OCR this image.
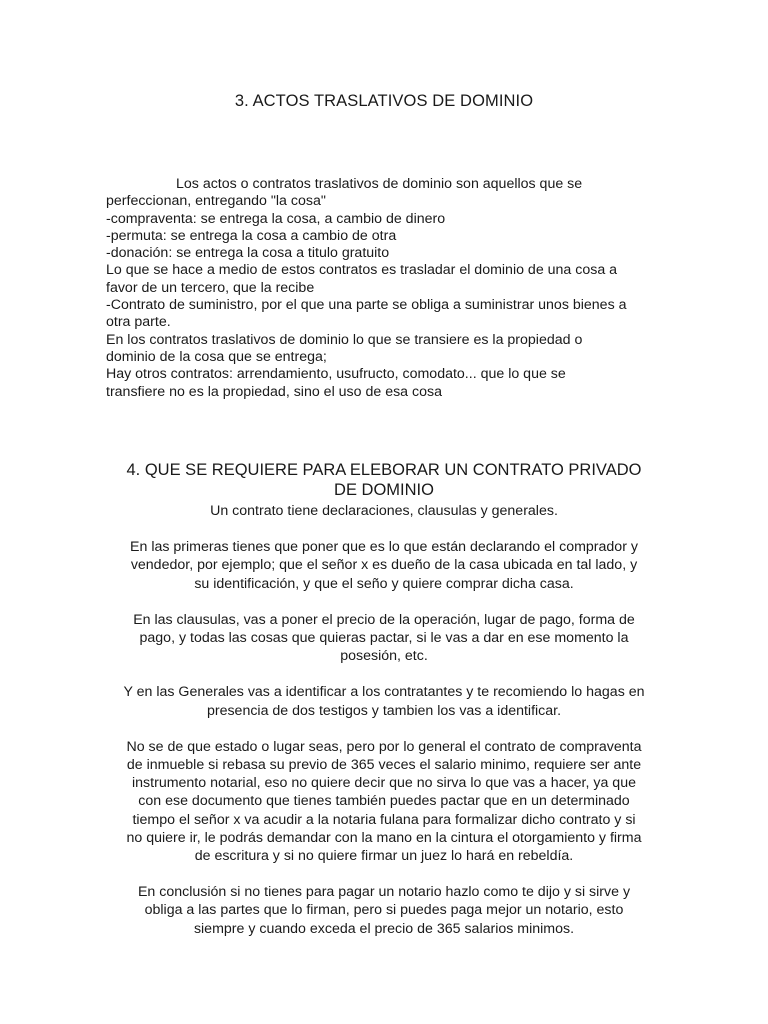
3. ACTOS TRASLATIVOS DE DOMINIO

Los actos o contratos traslativos de dominio son aquellos que se

perfeccionan, entregando "la cosa"

-compraventa: se entrega la cosa, a cambio de dinero

-permuta: se entrega la cosa a cambio de otra

-donación: se entrega la cosa a titulo gratuito

Lo que se hace a medio de estos contratos es trasladar el dominio de una cosa a

favor de un tercero, que la recibe

-Contrato de suministro, por el que una parte se obliga a suministrar unos bienes a

otra parte.

En los contratos traslativos de dominio lo que se transiere es la propiedad o

dominio de la cosa que se entrega;

Hay otros contratos: arrendamiento, usufructo, comodato... que lo que se

transfiere no es la propiedad, sino el uso de esa cosa

4. QUE SE REQUIERE PARA ELEBORAR UN CONTRATO PRIVADO
DE DOMINIO

Un contrato tiene declaraciones, clausulas y generales.

En las primeras tienes que poner que es lo que están declarando el comprador y
vendedor, por ejemplo; que el señor x es dueño de la casa ubicada en tal lado, y
su identificación, y que el seño y quiere comprar dicha casa.

En las clausulas, vas a poner el precio de la operación, lugar de pago, forma de
pago, y todas las cosas que quieras pactar, si le vas a dar en ese momento la
posesión, etc.

Y en las Generales vas a identificar a los contratantes y te recomiendo lo hagas en
presencia de dos testigos y tambien los vas a identificar.

No se de que estado o lugar seas, pero por lo general el contrato de compraventa
de inmueble si rebasa su previo de 365 veces el salario minimo, requiere ser ante
instrumento notarial, eso no quiere decir que no sirva lo que vas a hacer, ya que
con ese documento que tienes también puedes pactar que en un determinado
tiempo el señor x va acudir a la notaria fulana para formalizar dicho contrato y si
no quiere ir, le podrás demandar con la mano en la cintura el otorgamiento y firma
de escritura y si no quiere firmar un juez lo hará en rebeldía.

En conclusión si no tienes para pagar un notario hazlo como te dijo y si sirve y
obliga a las partes que lo firman, pero si puedes paga mejor un notario, esto
siempre y cuando exceda el precio de 365 salarios minimos.
